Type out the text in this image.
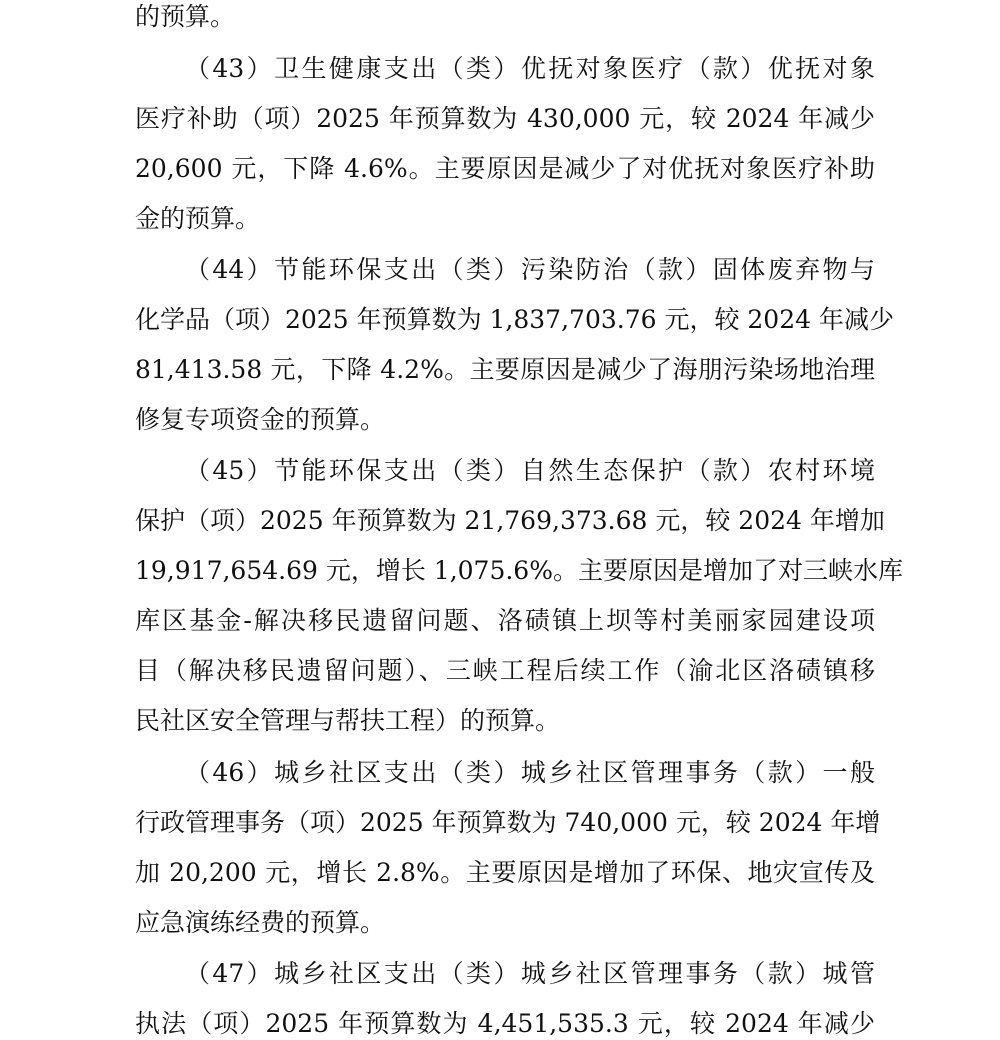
的预算。
（43）卫生健康支出（类）优抚对象医疗（款）优抚对象
医疗补助（项）2025 年预算数为 430,000 元，较 2024 年减少
20,600 元，下降 4.6%。主要原因是减少了对优抚对象医疗补助
金的预算。
（44）节能环保支出（类）污染防治（款）固体废弃物与
化学品（项）2025 年预算数为 1,837,703.76 元，较 2024 年减少
81,413.58 元，下降 4.2%。主要原因是减少了海朋污染场地治理
修复专项资金的预算。
（45）节能环保支出（类）自然生态保护（款）农村环境
保护（项）2025 年预算数为 21,769,373.68 元，较 2024 年增加
19,917,654.69 元，增长 1,075.6%。主要原因是增加了对三峡水库
库区基金-解决移民遗留问题、洛碛镇上坝等村美丽家园建设项
目（解决移民遗留问题）、三峡工程后续工作（渝北区洛碛镇移
民社区安全管理与帮扶工程）的预算。
（46）城乡社区支出（类）城乡社区管理事务（款）一般
行政管理事务（项）2025 年预算数为 740,000 元，较 2024 年增
加 20,200 元，增长 2.8%。主要原因是增加了环保、地灾宣传及
应急演练经费的预算。
（47）城乡社区支出（类）城乡社区管理事务（款）城管
执法（项）2025 年预算数为 4,451,535.3 元，较 2024 年减少
